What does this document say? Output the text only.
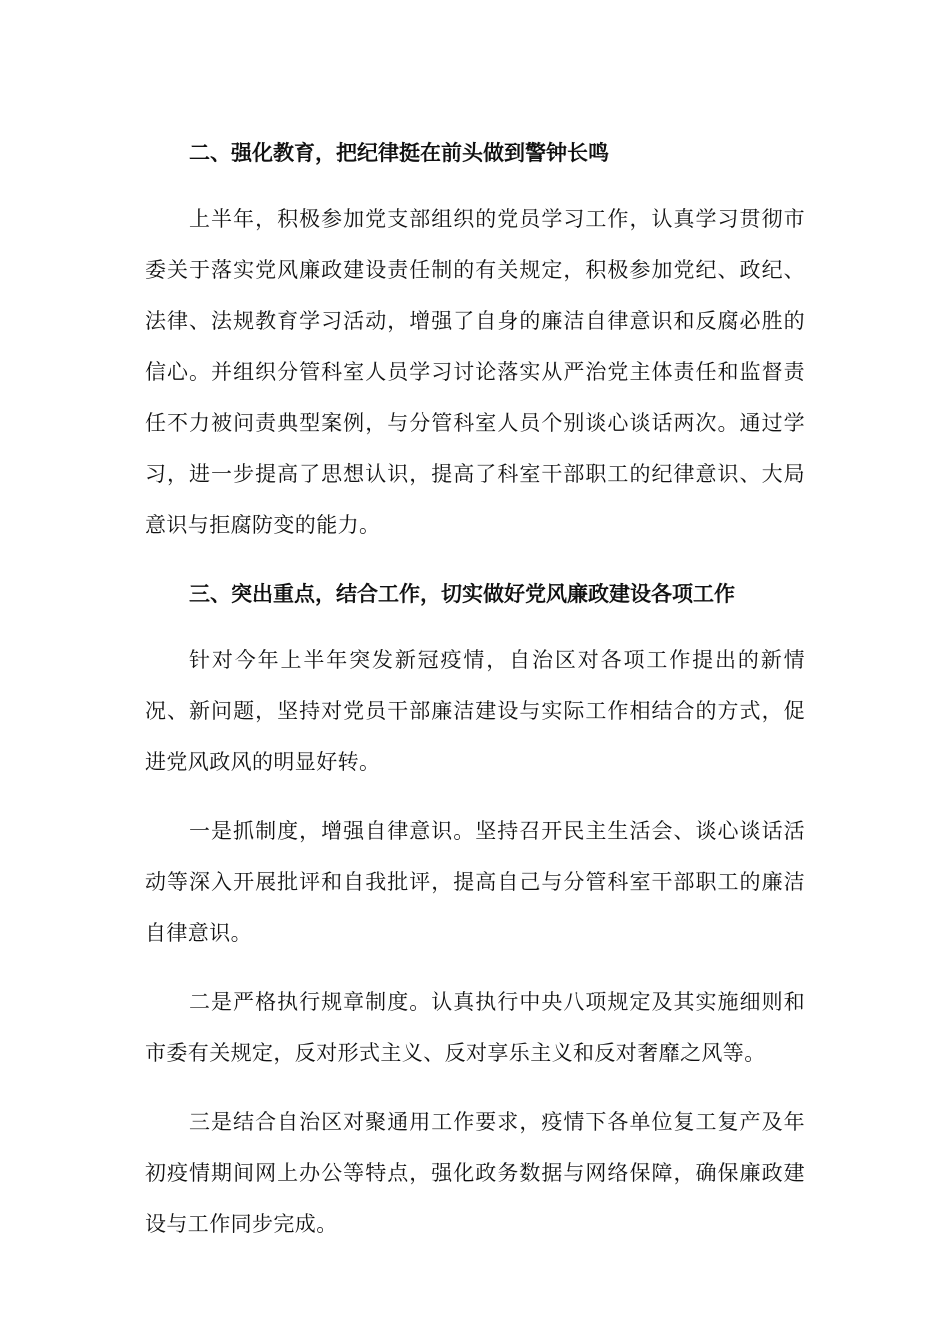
二、强化教育，把纪律挺在前头做到警钟长鸣

上半年，积极参加党支部组织的党员学习工作，认真学习贯彻市委关于落实党风廉政建设责任制的有关规定，积极参加党纪、政纪、法律、法规教育学习活动，增强了自身的廉洁自律意识和反腐必胜的信心。并组织分管科室人员学习讨论落实从严治党主体责任和监督责任不力被问责典型案例，与分管科室人员个别谈心谈话两次。通过学习，进一步提高了思想认识，提高了科室干部职工的纪律意识、大局意识与拒腐防变的能力。

三、突出重点，结合工作，切实做好党风廉政建设各项工作

针对今年上半年突发新冠疫情，自治区对各项工作提出的新情况、新问题，坚持对党员干部廉洁建设与实际工作相结合的方式，促进党风政风的明显好转。

一是抓制度，增强自律意识。坚持召开民主生活会、谈心谈话活动等深入开展批评和自我批评，提高自己与分管科室干部职工的廉洁自律意识。

二是严格执行规章制度。认真执行中央八项规定及其实施细则和市委有关规定，反对形式主义、反对享乐主义和反对奢靡之风等。

三是结合自治区对聚通用工作要求，疫情下各单位复工复产及年初疫情期间网上办公等特点，强化政务数据与网络保障，确保廉政建设与工作同步完成。
